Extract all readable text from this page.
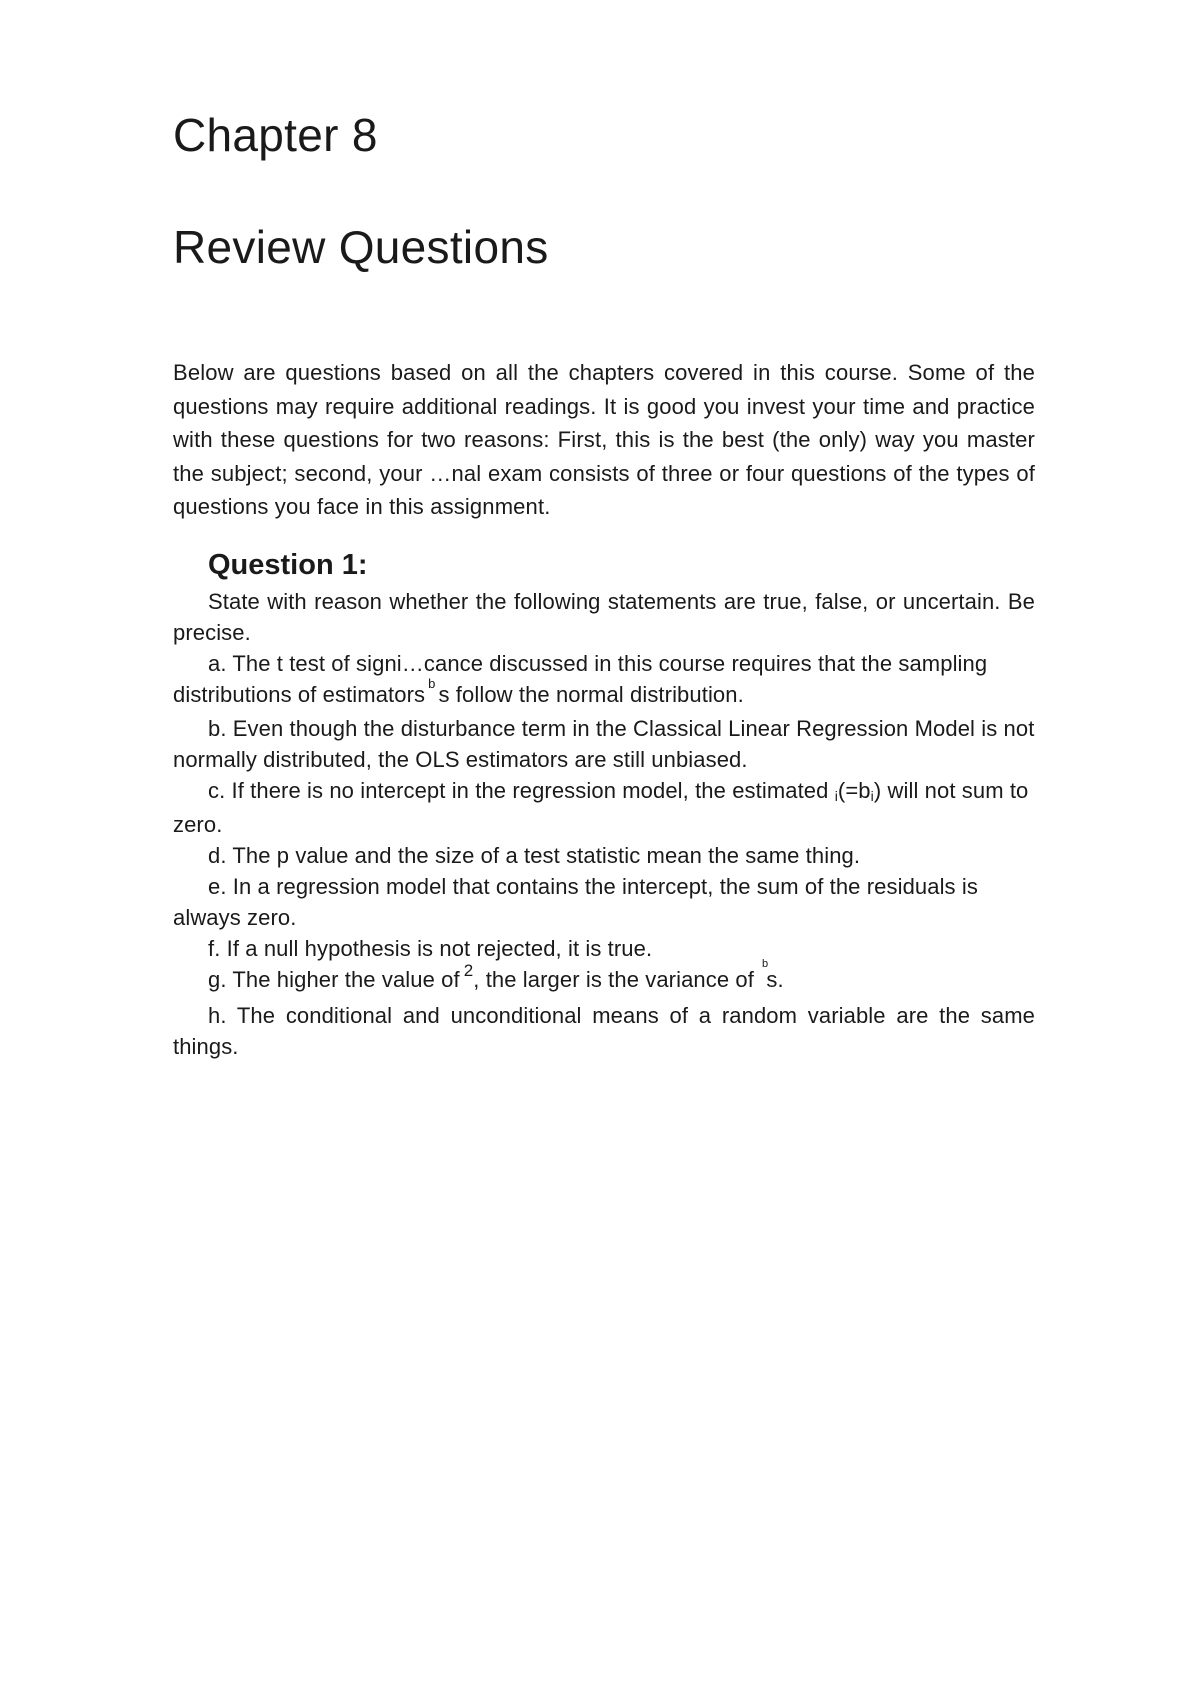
Chapter 8
Review Questions

Below are questions based on all the chapters covered in this course. Some of the questions may require additional readings. It is good you invest your time and practice with these questions for two reasons: First, this is the best (the only) way you master the subject; second, your …nal exam consists of three or four questions of the types of questions you face in this assignment.

Question 1:

State with reason whether the following statements are true, false, or uncertain. Be precise.

a. The t test of signi…cance discussed in this course requires that the sampling distributions of estimators $^b$ s follow the normal distribution.

b. Even though the disturbance term in the Classical Linear Regression Model is not normally distributed, the OLS estimators are still unbiased.

c. If there is no intercept in the regression model, the estimated i(=bi) will not sum to zero.

d. The p value and the size of a test statistic mean the same thing.

e. In a regression model that contains the intercept, the sum of the residuals is always zero.

f. If a null hypothesis is not rejected, it is true.

g. The higher the value of $^2$, the larger is the variance $of^b$ s.

h. The conditional and unconditional means of a random variable are the same things.
